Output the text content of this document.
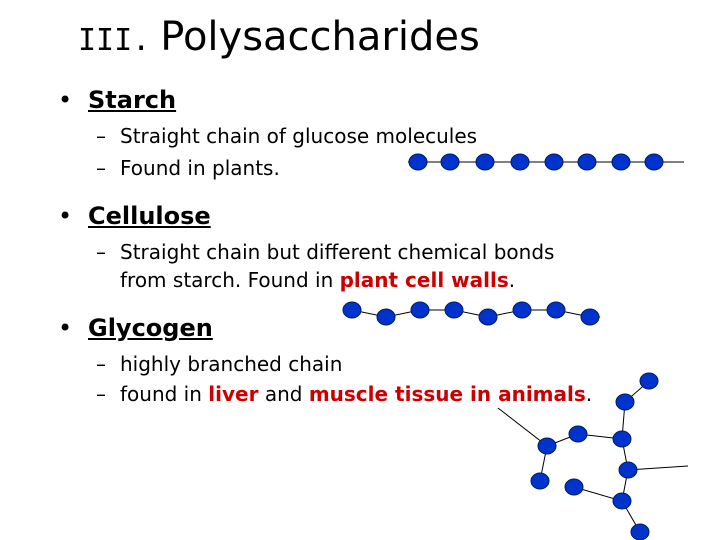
III. Polysaccharides
• Starch
– Straight chain of glucose molecules
– Found in plants.
• Cellulose
– Straight chain but different chemical bonds
from starch. Found in plant cell walls.
• Glycogen
– highly branched chain
– found in liver and muscle tissue in animals.
